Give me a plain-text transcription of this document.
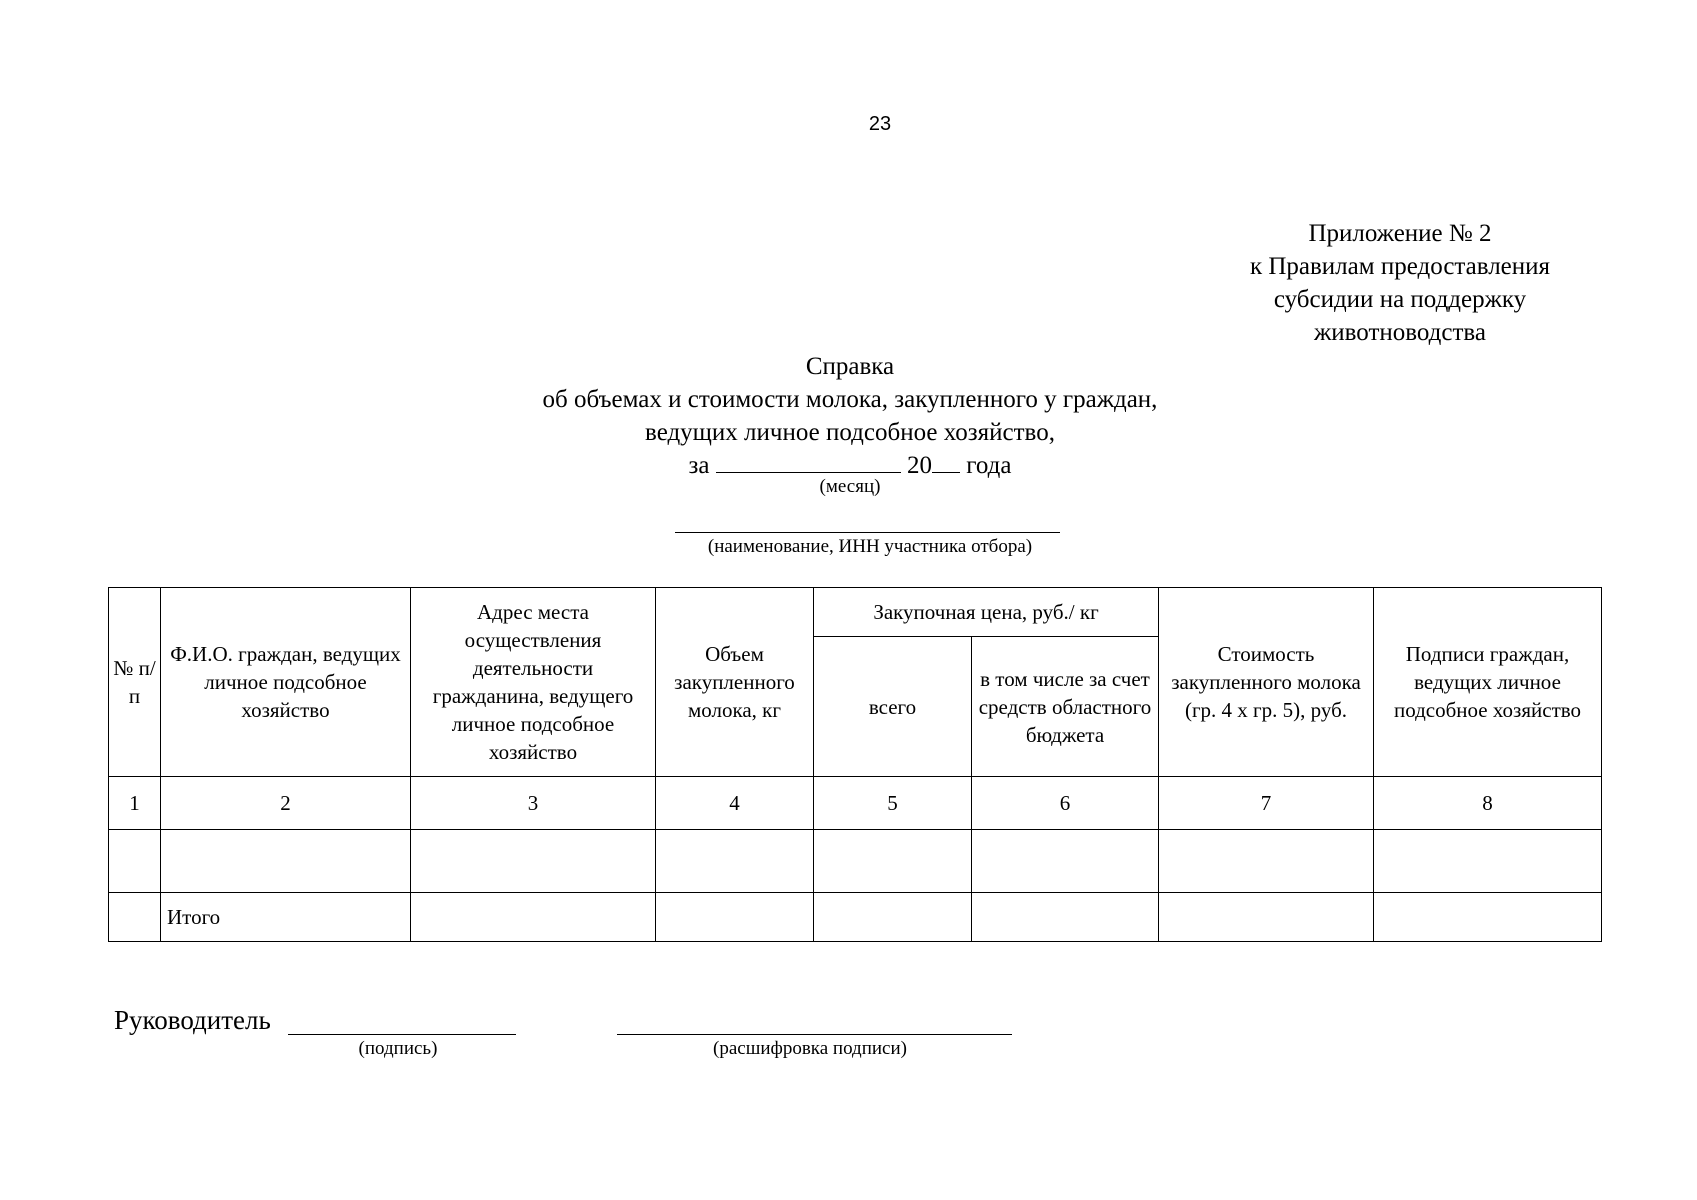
23
Приложение № 2
к Правилам предоставления
субсидии на поддержку
животноводства
Справка
об объемах и стоимости молока, закупленного у граждан,
ведущих личное подсобное хозяйство,
за	20 года
(месяц)
(наименование, ИНН участника отбора)
№ п/п	Ф.И.О. граждан, ведущих личное подсобное хозяйство	Адрес места осуществления деятельности гражданина, ведущего личное подсобное хозяйство	Объем закупленного молока, кг	Закупочная цена, руб./ кг		Стоимость закупленного молока (гр. 4 х гр. 5), руб.	Подписи граждан, ведущих личное подсобное хозяйство
				всего	в том числе за счет средств областного бюджета		
1	2	3	4	5	6	7	8

	Итого						
Руководитель
(подпись)	(расшифровка подписи)
